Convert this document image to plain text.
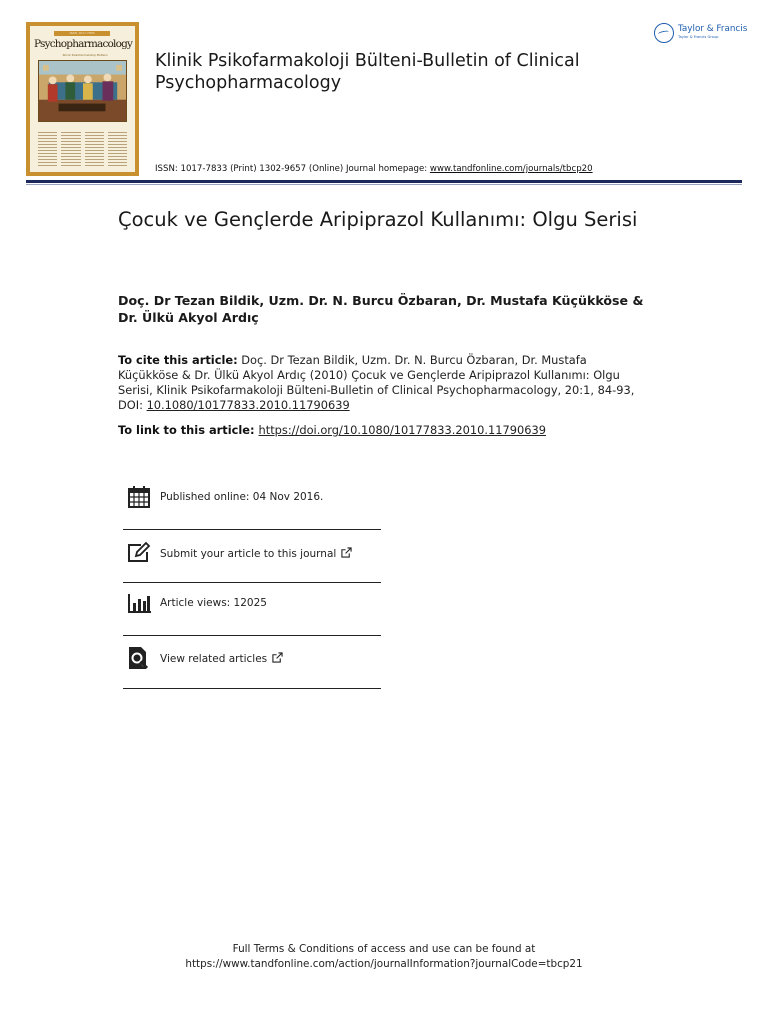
ISSN 1017-7833
Psychopharmacology
Klinik Psikofarmakoloji Bülteni	Klinik Psikofarmakoloji Bülteni-Bulletin of Clinical Psychopharmacology
ISSN: 1017-7833 (Print) 1302-9657 (Online) Journal homepage: www.tandfonline.com/journals/tbcp20
Taylor & Francis
Taylor & Francis Group
Çocuk ve Gençlerde Aripiprazol Kullanımı: Olgu Serisi
Doç. Dr Tezan Bildik, Uzm. Dr. N. Burcu Özbaran, Dr. Mustafa Küçükköse & Dr. Ülkü Akyol Ardıç
To cite this article: Doç. Dr Tezan Bildik, Uzm. Dr. N. Burcu Özbaran, Dr. Mustafa Küçükköse & Dr. Ülkü Akyol Ardıç (2010) Çocuk ve Gençlerde Aripiprazol Kullanımı: Olgu Serisi, Klinik Psikofarmakoloji Bülteni-Bulletin of Clinical Psychopharmacology, 20:1, 84-93, DOI: 10.1080/10177833.2010.11790639
To link to this article: https://doi.org/10.1080/10177833.2010.11790639
Published online: 04 Nov 2016.
Submit your article to this journal
Article views: 12025
View related articles
Full Terms & Conditions of access and use can be found at
https://www.tandfonline.com/action/journalInformation?journalCode=tbcp21
